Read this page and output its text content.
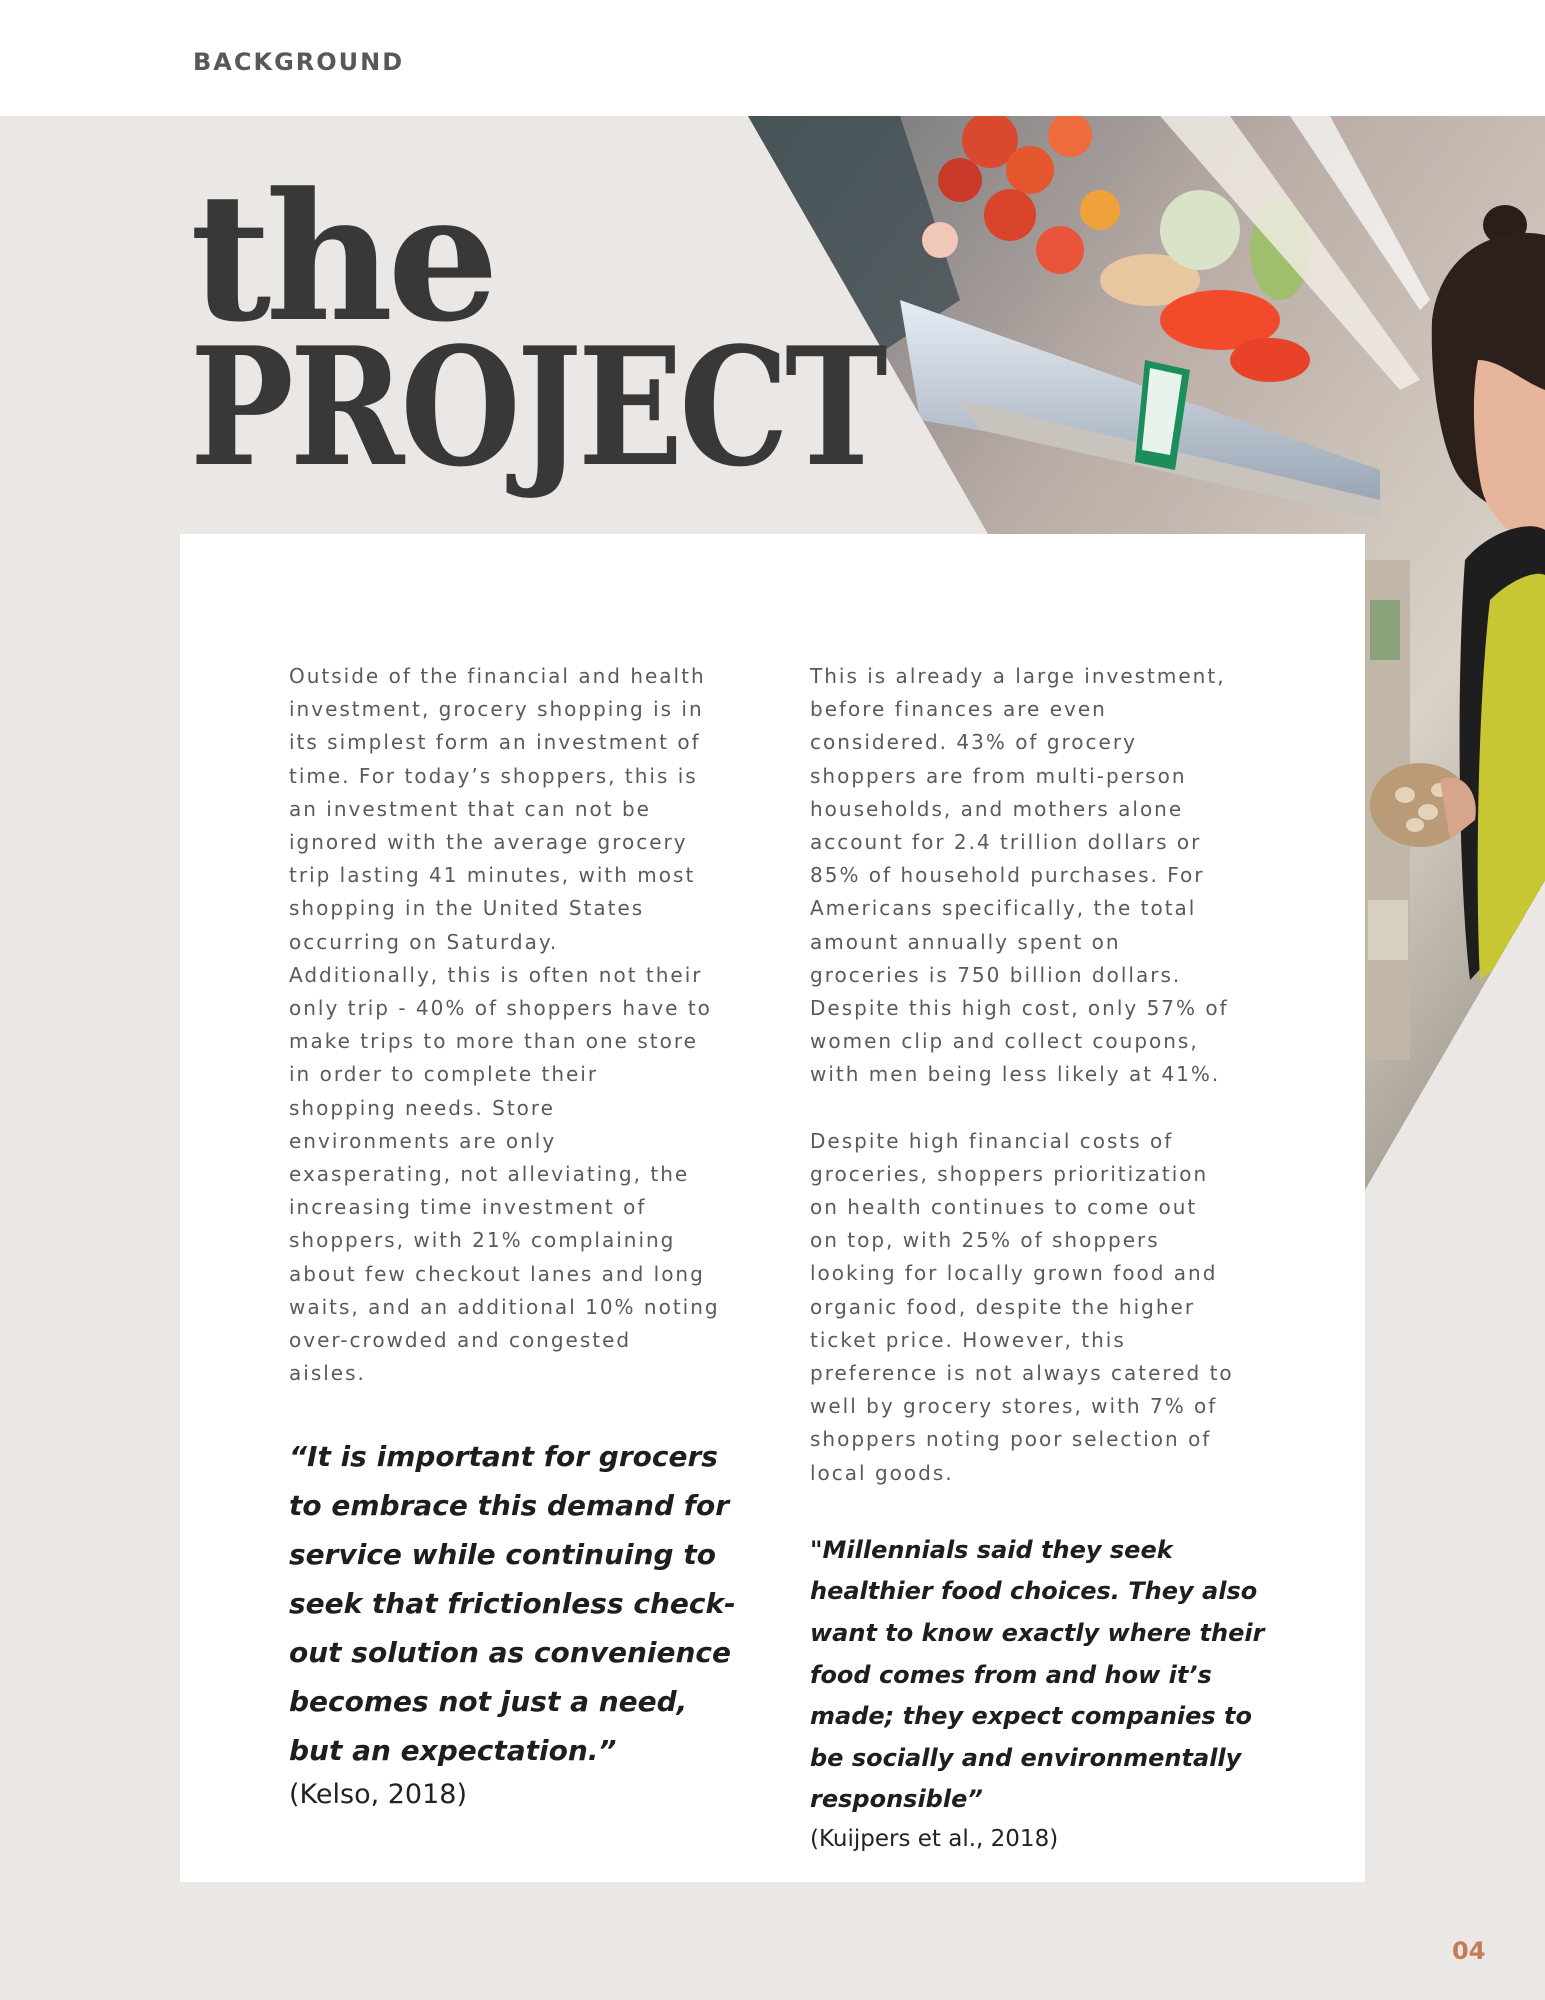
BACKGROUND
the
PROJECT

Outside of the financial and health
investment, grocery shopping is in
its simplest form an investment of
time. For today’s shoppers, this is
an investment that can not be
ignored with the average grocery
trip lasting 41 minutes, with most
shopping in the United States
occurring on Saturday.
Additionally, this is often not their
only trip - 40% of shoppers have to
make trips to more than one store
in order to complete their
shopping needs. Store
environments are only
exasperating, not alleviating, the
increasing time investment of
shoppers, with 21% complaining
about few checkout lanes and long
waits, and an additional 10% noting
over-crowded and congested
aisles.

“It is important for grocers to embrace this demand for service while continuing to seek that frictionless check-out solution as convenience becomes not just a need, but an expectation.”

(Kelso, 2018)

This is already a large investment,
before finances are even
considered. 43% of grocery
shoppers are from multi-person
households, and mothers alone
account for 2.4 trillion dollars or
85% of household purchases. For
Americans specifically, the total
amount annually spent on
groceries is 750 billion dollars.
Despite this high cost, only 57% of
women clip and collect coupons,
with men being less likely at 41%.

Despite high financial costs of
groceries, shoppers prioritization
on health continues to come out
on top, with 25% of shoppers
looking for locally grown food and
organic food, despite the higher
ticket price. However, this
preference is not always catered to
well by grocery stores, with 7% of
shoppers noting poor selection of
local goods.

"Millennials said they seek healthier food choices. They also want to know exactly where their food comes from and how it’s made; they expect companies to be socially and environmentally responsible”

(Kuijpers et al., 2018)

04
